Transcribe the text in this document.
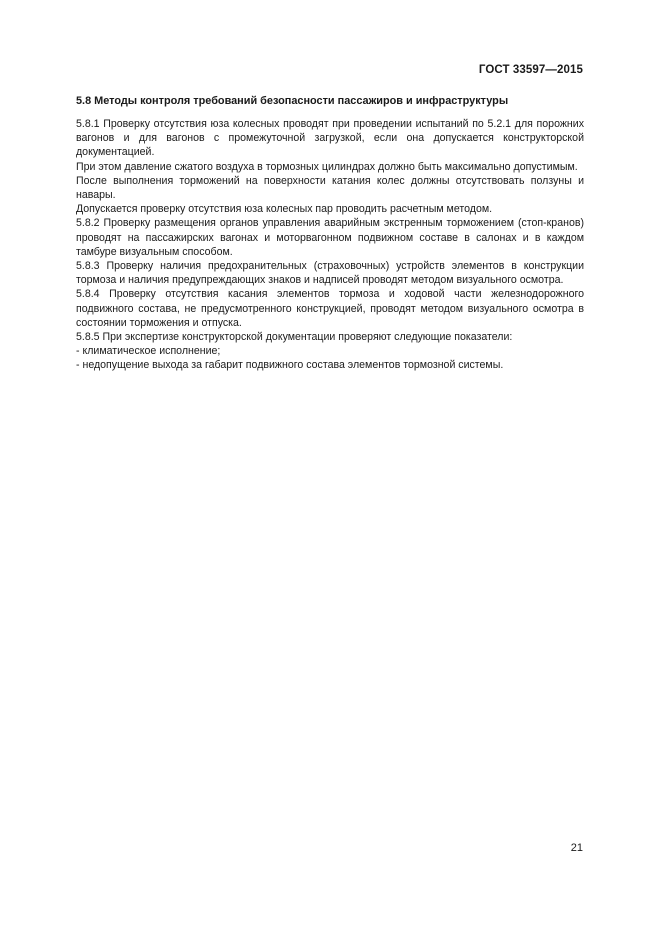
ГОСТ 33597—2015
5.8 Методы контроля требований безопасности пассажиров и инфраструктуры

5.8.1 Проверку отсутствия юза колесных проводят при проведении испытаний по 5.2.1 для порожних вагонов и для вагонов с промежуточной загрузкой, если она допускается конструкторской документацией.

При этом давление сжатого воздуха в тормозных цилиндрах должно быть максимально допустимым.

После выполнения торможений на поверхности катания колес должны отсутствовать ползуны и навары.

Допускается проверку отсутствия юза колесных пар проводить расчетным методом.

5.8.2 Проверку размещения органов управления аварийным экстренным торможением (стоп-кранов) проводят на пассажирских вагонах и моторвагонном подвижном составе в салонах и в каждом тамбуре визуальным способом.

5.8.3 Проверку наличия предохранительных (страховочных) устройств элементов в конструкции тормоза и наличия предупреждающих знаков и надписей проводят методом визуального осмотра.

5.8.4 Проверку отсутствия касания элементов тормоза и ходовой части железнодорожного подвижного состава, не предусмотренного конструкцией, проводят методом визуального осмотра в состоянии торможения и отпуска.

5.8.5 При экспертизе конструкторской документации проверяют следующие показатели:

- климатическое исполнение;

- недопущение выхода за габарит подвижного состава элементов тормозной системы.

21
